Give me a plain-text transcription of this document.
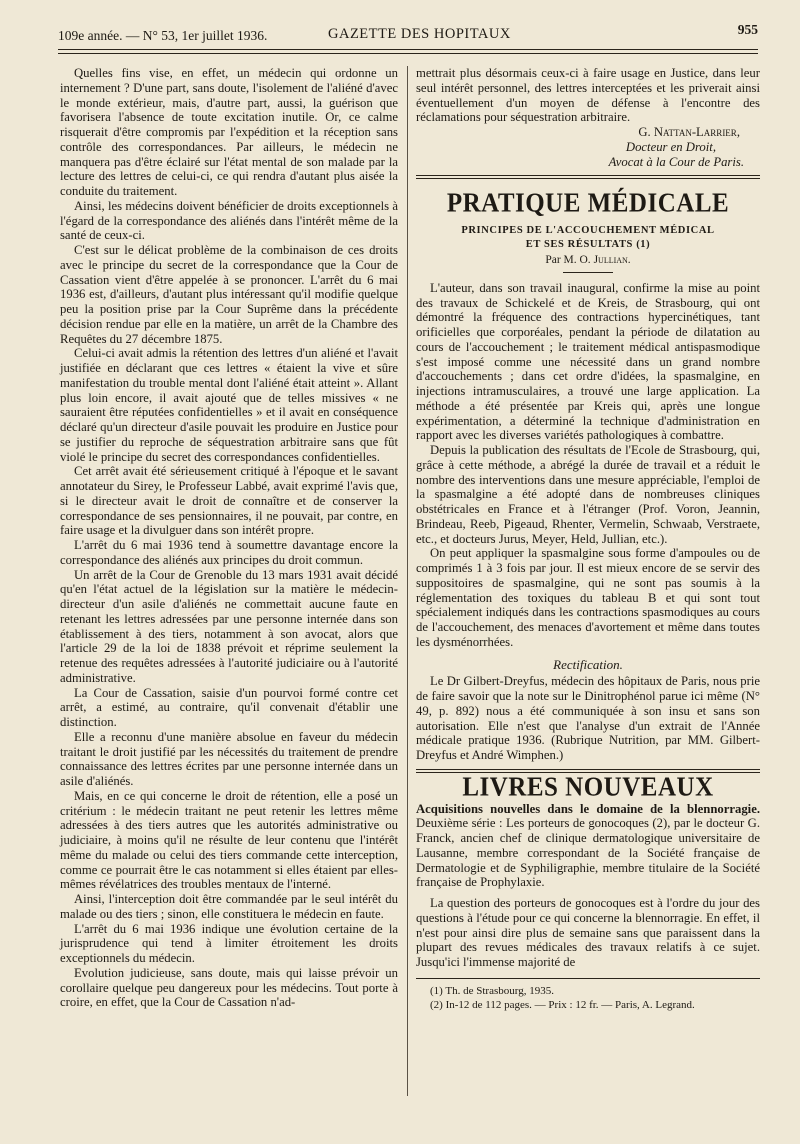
109e année. — N° 53, 1er juillet 1936.	GAZETTE DES HOPITAUX	955

Quelles fins vise, en effet, un médecin qui ordonne un internement ? D'une part, sans doute, l'isolement de l'aliéné d'avec le monde extérieur, mais, d'autre part, aussi, la guérison que favorisera l'absence de toute excitation inutile. Or, ce calme risquerait d'être compromis par l'expédition et la réception sans contrôle des correspondances. Par ailleurs, le médecin ne manquera pas d'être éclairé sur l'état mental de son malade par la lecture des lettres de celui-ci, ce qui rendra d'autant plus aisée la conduite du traitement.

Ainsi, les médecins doivent bénéficier de droits exceptionnels à l'égard de la correspondance des aliénés dans l'intérêt même de la santé de ceux-ci.

C'est sur le délicat problème de la combinaison de ces droits avec le principe du secret de la correspondance que la Cour de Cassation vient d'être appelée à se prononcer. L'arrêt du 6 mai 1936 est, d'ailleurs, d'autant plus intéressant qu'il modifie quelque peu la position prise par la Cour Suprême dans la précédente décision rendue par elle en la matière, un arrêt de la Chambre des Requêtes du 27 décembre 1875.

Celui-ci avait admis la rétention des lettres d'un aliéné et l'avait justifiée en déclarant que ces lettres « étaient la vive et sûre manifestation du trouble mental dont l'aliéné était atteint ». Allant plus loin encore, il avait ajouté que de telles missives « ne sauraient être réputées confidentielles » et il avait en conséquence déclaré qu'un directeur d'asile pouvait les produire en Justice pour se justifier du reproche de séquestration arbitraire sans que fût violé le principe du secret des correspondances confidentielles.

Cet arrêt avait été sérieusement critiqué à l'époque et le savant annotateur du Sirey, le Professeur Labbé, avait exprimé l'avis que, si le directeur avait le droit de connaître et de conserver la correspondance de ses pensionnaires, il ne pouvait, par contre, en faire usage et la divulguer dans son intérêt propre.

L'arrêt du 6 mai 1936 tend à soumettre davantage encore la correspondance des aliénés aux principes du droit commun.

Un arrêt de la Cour de Grenoble du 13 mars 1931 avait décidé qu'en l'état actuel de la législation sur la matière le médecin-directeur d'un asile d'aliénés ne commettait aucune faute en retenant les lettres adressées par une personne internée dans son établissement à des tiers, notamment à son avocat, alors que l'article 29 de la loi de 1838 prévoit et réprime seulement la retenue des requêtes adressées à l'autorité judiciaire ou à l'autorité administrative.

La Cour de Cassation, saisie d'un pourvoi formé contre cet arrêt, a estimé, au contraire, qu'il convenait d'établir une distinction.

Elle a reconnu d'une manière absolue en faveur du médecin traitant le droit justifié par les nécessités du traitement de prendre connaissance des lettres écrites par une personne internée dans un asile d'aliénés.

Mais, en ce qui concerne le droit de rétention, elle a posé un critérium : le médecin traitant ne peut retenir les lettres même adressées à des tiers autres que les autorités administrative ou judiciaire, à moins qu'il ne résulte de leur contenu que l'intérêt même du malade ou celui des tiers commande cette interception, comme ce pourrait être le cas notamment si elles étaient par elles-mêmes révélatrices des troubles mentaux de l'interné.

Ainsi, l'interception doit être commandée par le seul intérêt du malade ou des tiers ; sinon, elle constituera le médecin en faute.

L'arrêt du 6 mai 1936 indique une évolution certaine de la jurisprudence qui tend à limiter étroitement les droits exceptionnels du médecin.

Evolution judicieuse, sans doute, mais qui laisse prévoir un corollaire quelque peu dangereux pour les médecins. Tout porte à croire, en effet, que la Cour de Cassation n'ad-

mettrait plus désormais ceux-ci à faire usage en Justice, dans leur seul intérêt personnel, des lettres interceptées et les priverait ainsi éventuellement d'un moyen de défense à l'encontre des réclamations pour séquestration arbitraire.

G. Nattan-Larrier,
Docteur en Droit,
Avocat à la Cour de Paris.
PRATIQUE MÉDICALE
PRINCIPES DE L'ACCOUCHEMENT MÉDICAL
ET SES RÉSULTATS (1)
Par M. O. Jullian.

L'auteur, dans son travail inaugural, confirme la mise au point des travaux de Schickelé et de Kreis, de Strasbourg, qui ont démontré la fréquence des contractions hypercinétiques, tant orificielles que corporéales, pendant la période de dilatation au cours de l'accouchement ; le traitement médical antispasmodique s'est imposé comme une nécessité dans un grand nombre d'accouchements ; dans cet ordre d'idées, la spasmalgine, en injections intramusculaires, a trouvé une large application. La méthode a été présentée par Kreis qui, après une longue expérimentation, a déterminé la technique d'administration en rapport avec les diverses variétés pathologiques à combattre.

Depuis la publication des résultats de l'Ecole de Strasbourg, qui, grâce à cette méthode, a abrégé la durée de travail et a réduit le nombre des interventions dans une mesure appréciable, l'emploi de la spasmalgine a été adopté dans de nombreuses cliniques obstétricales en France et à l'étranger (Prof. Voron, Jeannin, Brindeau, Reeb, Pigeaud, Rhenter, Vermelin, Schwaab, Verstraete, etc., et docteurs Jurus, Meyer, Held, Jullian, etc.).

On peut appliquer la spasmalgine sous forme d'ampoules ou de comprimés 1 à 3 fois par jour. Il est mieux encore de se servir des suppositoires de spasmalgine, qui ne sont pas soumis à la réglementation des toxiques du tableau B et qui sont tout spécialement indiqués dans les contractions spasmodiques au cours de l'accouchement, des menaces d'avortement et même dans toutes les dysménorrhées.

Rectification.

Le Dr Gilbert-Dreyfus, médecin des hôpitaux de Paris, nous prie de faire savoir que la note sur le Dinitrophénol parue ici même (N° 49, p. 892) nous a été communiquée à son insu et sans son autorisation. Elle n'est que l'analyse d'un extrait de l'Année médicale pratique 1936. (Rubrique Nutrition, par MM. Gilbert-Dreyfus et André Wimphen.)

LIVRES NOUVEAUX

Acquisitions nouvelles dans le domaine de la blennorragie. Deuxième série : Les porteurs de gonocoques (2), par le docteur G. Franck, ancien chef de clinique dermatologique universitaire de Lausanne, membre correspondant de la Société française de Dermatologie et de Syphiligraphie, membre titulaire de la Société française de Prophylaxie.

La question des porteurs de gonocoques est à l'ordre du jour des questions à l'étude pour ce qui concerne la blennorragie. En effet, il n'est pour ainsi dire plus de semaine sans que paraissent dans la plupart des revues médicales des travaux relatifs à ce sujet. Jusqu'ici l'immense majorité de

(1) Th. de Strasbourg, 1935.
(2) In-12 de 112 pages. — Prix : 12 fr. — Paris, A. Legrand.
